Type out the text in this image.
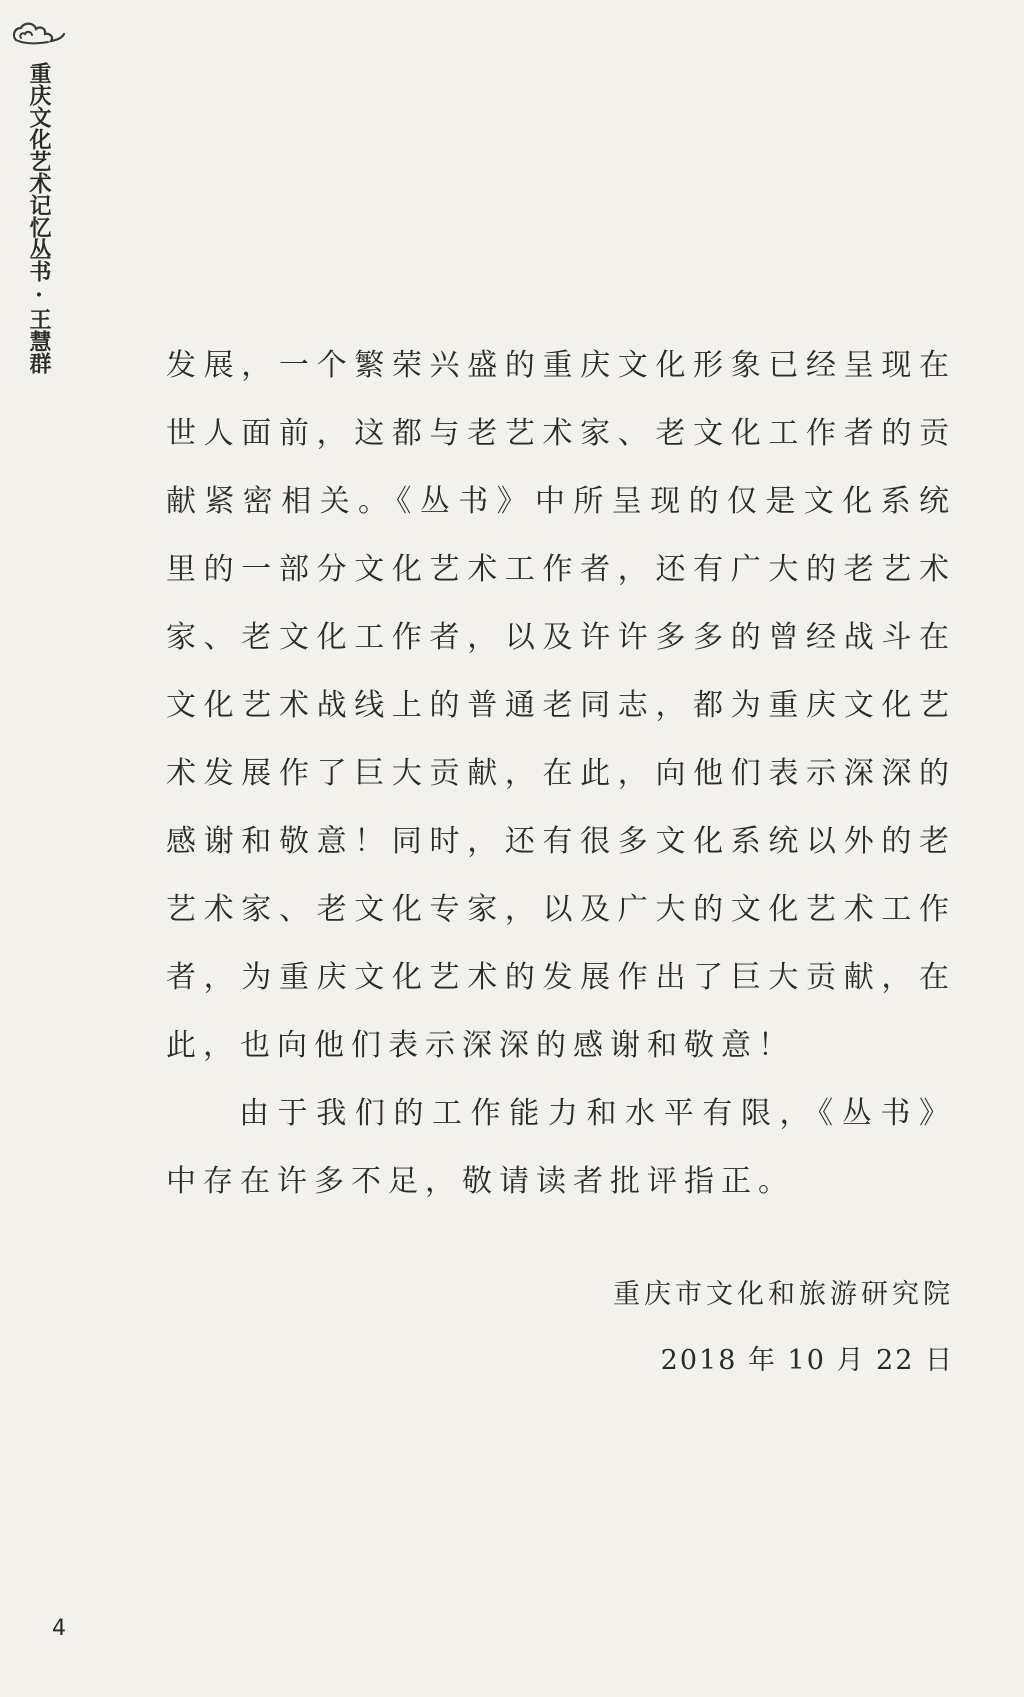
重庆文化艺术记忆丛书·王慧群	发展，一个繁荣兴盛的重庆文化形象已经呈现在世人面前，这都与老艺术家、老文化工作者的贡献紧密相关。《丛书》中所呈现的仅是文化系统里的一部分文化艺术工作者，还有广大的老艺术家、老文化工作者，以及许许多多的曾经战斗在文化艺术战线上的普通老同志，都为重庆文化艺术发展作了巨大贡献，在此，向他们表示深深的感谢和敬意！同时，还有很多文化系统以外的老艺术家、老文化专家，以及广大的文化艺术工作者，为重庆文化艺术的发展作出了巨大贡献，在此，也向他们表示深深的感谢和敬意！

由于我们的工作能力和水平有限，《丛书》中存在许多不足，敬请读者批评指正。

重庆市文化和旅游研究院
2018 年 10 月 22 日
4
